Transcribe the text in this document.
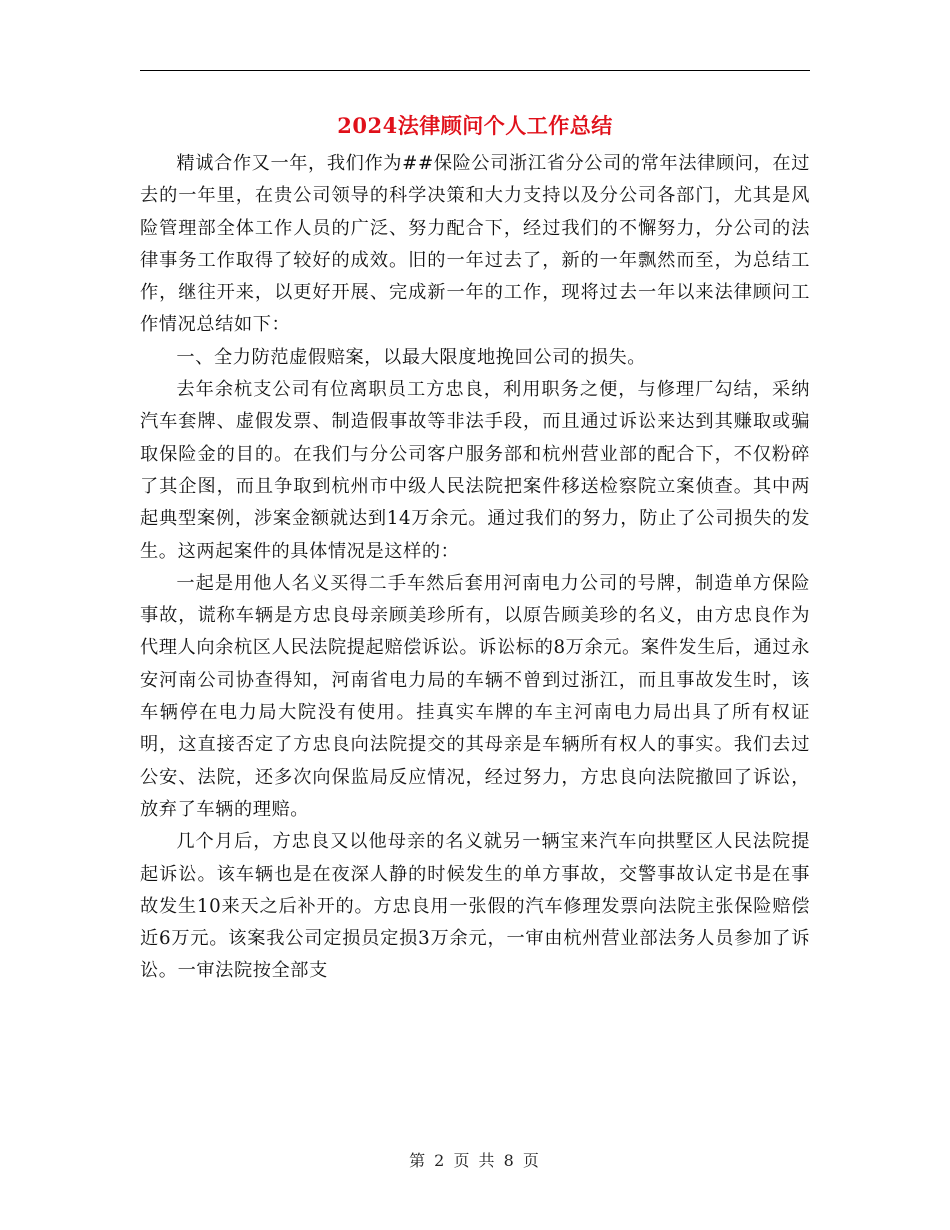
2024法律顾问个人工作总结

精诚合作又一年，我们作为##保险公司浙江省分公司的常年法律顾问，在过去的一年里，在贵公司领导的科学决策和大力支持以及分公司各部门，尤其是风险管理部全体工作人员的广泛、努力配合下，经过我们的不懈努力，分公司的法律事务工作取得了较好的成效。旧的一年过去了，新的一年飘然而至，为总结工作，继往开来，以更好开展、完成新一年的工作，现将过去一年以来法律顾问工作情况总结如下：

一、全力防范虚假赔案，以最大限度地挽回公司的损失。

去年余杭支公司有位离职员工方忠良，利用职务之便，与修理厂勾结，采纳汽车套牌、虚假发票、制造假事故等非法手段，而且通过诉讼来达到其赚取或骗取保险金的目的。在我们与分公司客户服务部和杭州营业部的配合下，不仅粉碎了其企图，而且争取到杭州市中级人民法院把案件移送检察院立案侦查。其中两起典型案例，涉案金额就达到14万余元。通过我们的努力，防止了公司损失的发生。这两起案件的具体情况是这样的：

一起是用他人名义买得二手车然后套用河南电力公司的号牌，制造单方保险事故，谎称车辆是方忠良母亲顾美珍所有，以原告顾美珍的名义，由方忠良作为代理人向余杭区人民法院提起赔偿诉讼。诉讼标的8万余元。案件发生后，通过永安河南公司协查得知，河南省电力局的车辆不曾到过浙江，而且事故发生时，该车辆停在电力局大院没有使用。挂真实车牌的车主河南电力局出具了所有权证明，这直接否定了方忠良向法院提交的其母亲是车辆所有权人的事实。我们去过公安、法院，还多次向保监局反应情况，经过努力，方忠良向法院撤回了诉讼，放弃了车辆的理赔。

几个月后，方忠良又以他母亲的名义就另一辆宝来汽车向拱墅区人民法院提起诉讼。该车辆也是在夜深人静的时候发生的单方事故，交警事故认定书是在事故发生10来天之后补开的。方忠良用一张假的汽车修理发票向法院主张保险赔偿近6万元。该案我公司定损员定损3万余元，一审由杭州营业部法务人员参加了诉讼。一审法院按全部支

第 2 页 共 8 页
